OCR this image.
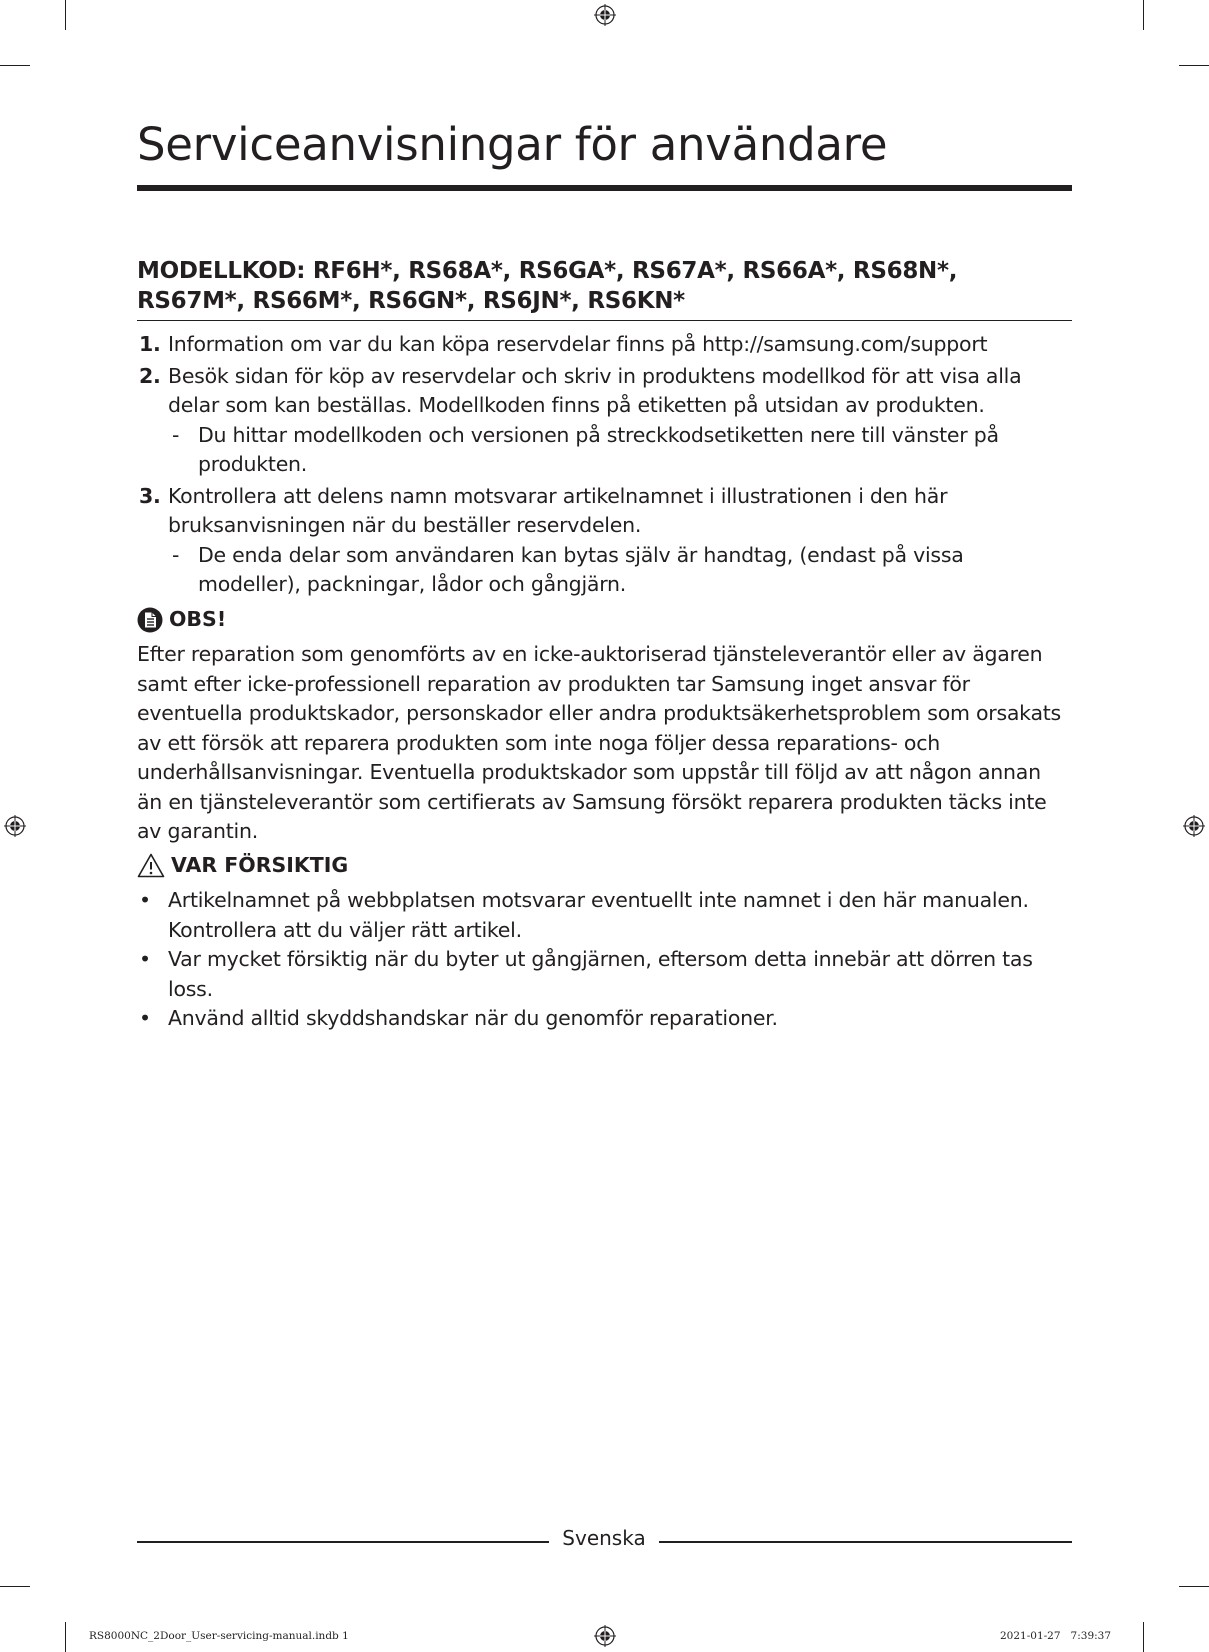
Serviceanvisningar för användare
MODELLKOD: RF6H*, RS68A*, RS6GA*, RS67A*, RS66A*, RS68N*, RS67M*, RS66M*, RS6GN*, RS6JN*, RS6KN*
1. Information om var du kan köpa reservdelar finns på http://samsung.com/support
2. Besök sidan för köp av reservdelar och skriv in produktens modellkod för att visa alla delar som kan beställas. Modellkoden finns på etiketten på utsidan av produkten.
- Du hittar modellkoden och versionen på streckkodsetiketten nere till vänster på produkten.
3. Kontrollera att delens namn motsvarar artikelnamnet i illustrationen i den här bruksanvisningen när du beställer reservdelen.
- De enda delar som användaren kan bytas själv är handtag, (endast på vissa modeller), packningar, lådor och gångjärn.
OBS!

Efter reparation som genomförts av en icke-auktoriserad tjänsteleverantör eller av ägaren samt efter icke-professionell reparation av produkten tar Samsung inget ansvar för eventuella produktskador, personskador eller andra produktsäkerhetsproblem som orsakats av ett försök att reparera produkten som inte noga följer dessa reparations- och underhållsanvisningar. Eventuella produktskador som uppstår till följd av att någon annan än en tjänsteleverantör som certifierats av Samsung försökt reparera produkten täcks inte av garantin.

VAR FÖRSIKTIG
• Artikelnamnet på webbplatsen motsvarar eventuellt inte namnet i den här manualen. Kontrollera att du väljer rätt artikel.
• Var mycket försiktig när du byter ut gångjärnen, eftersom detta innebär att dörren tas loss.
• Använd alltid skyddshandskar när du genomför reparationer.
Svenska
RS8000NC_2Door_User-servicing-manual.indb 1	2021-01-27   7:39:37
